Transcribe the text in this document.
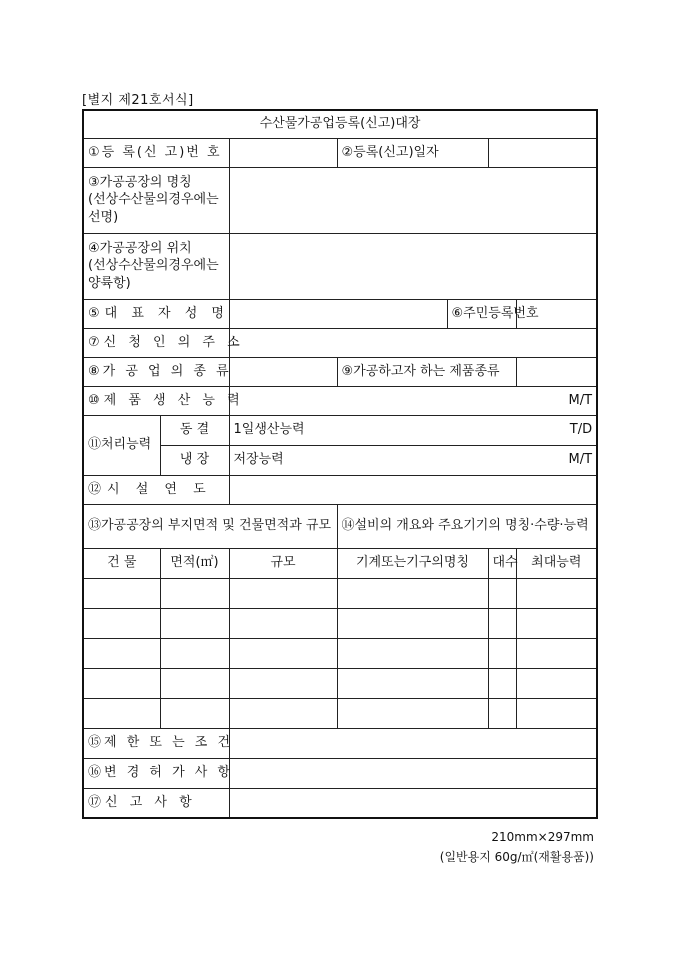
[별지 제21호서식]
수산물가공업등록(신고)대장						
①등 록(신 고)번 호			②등록(신고)일자			
③가공공장의 명칭(선상수산물의경우에는 선명)						
④가공공장의 위치(선상수산물의경우에는 양륙항)						
⑤대 표 자 성 명				⑥주민등록번호		
⑦신 청 인 의 주 소						
⑧가 공 업 의 종 류			⑨가공하고자 하는 제품종류			
⑩제 품 생 산 능 력		M/T				
⑪처리능력	동 결	1일생산능력 T/D				

	냉 장	저장능력 M/T				

⑫시 설 연 도						
⑬가공공장의 부지면적 및 건물면적과 규모			⑭설비의 개요와 주요기기의 명칭·수량·능력			
건 물	면적(㎡)	규모	기계또는기구의명칭		대수	최대능력

⑮제 한 또 는 조 건						
⑯변 경 허 가 사 항						
⑰신 고 사 항						
210mm×297mm
(일반용지 60g/㎡(재활용품))
